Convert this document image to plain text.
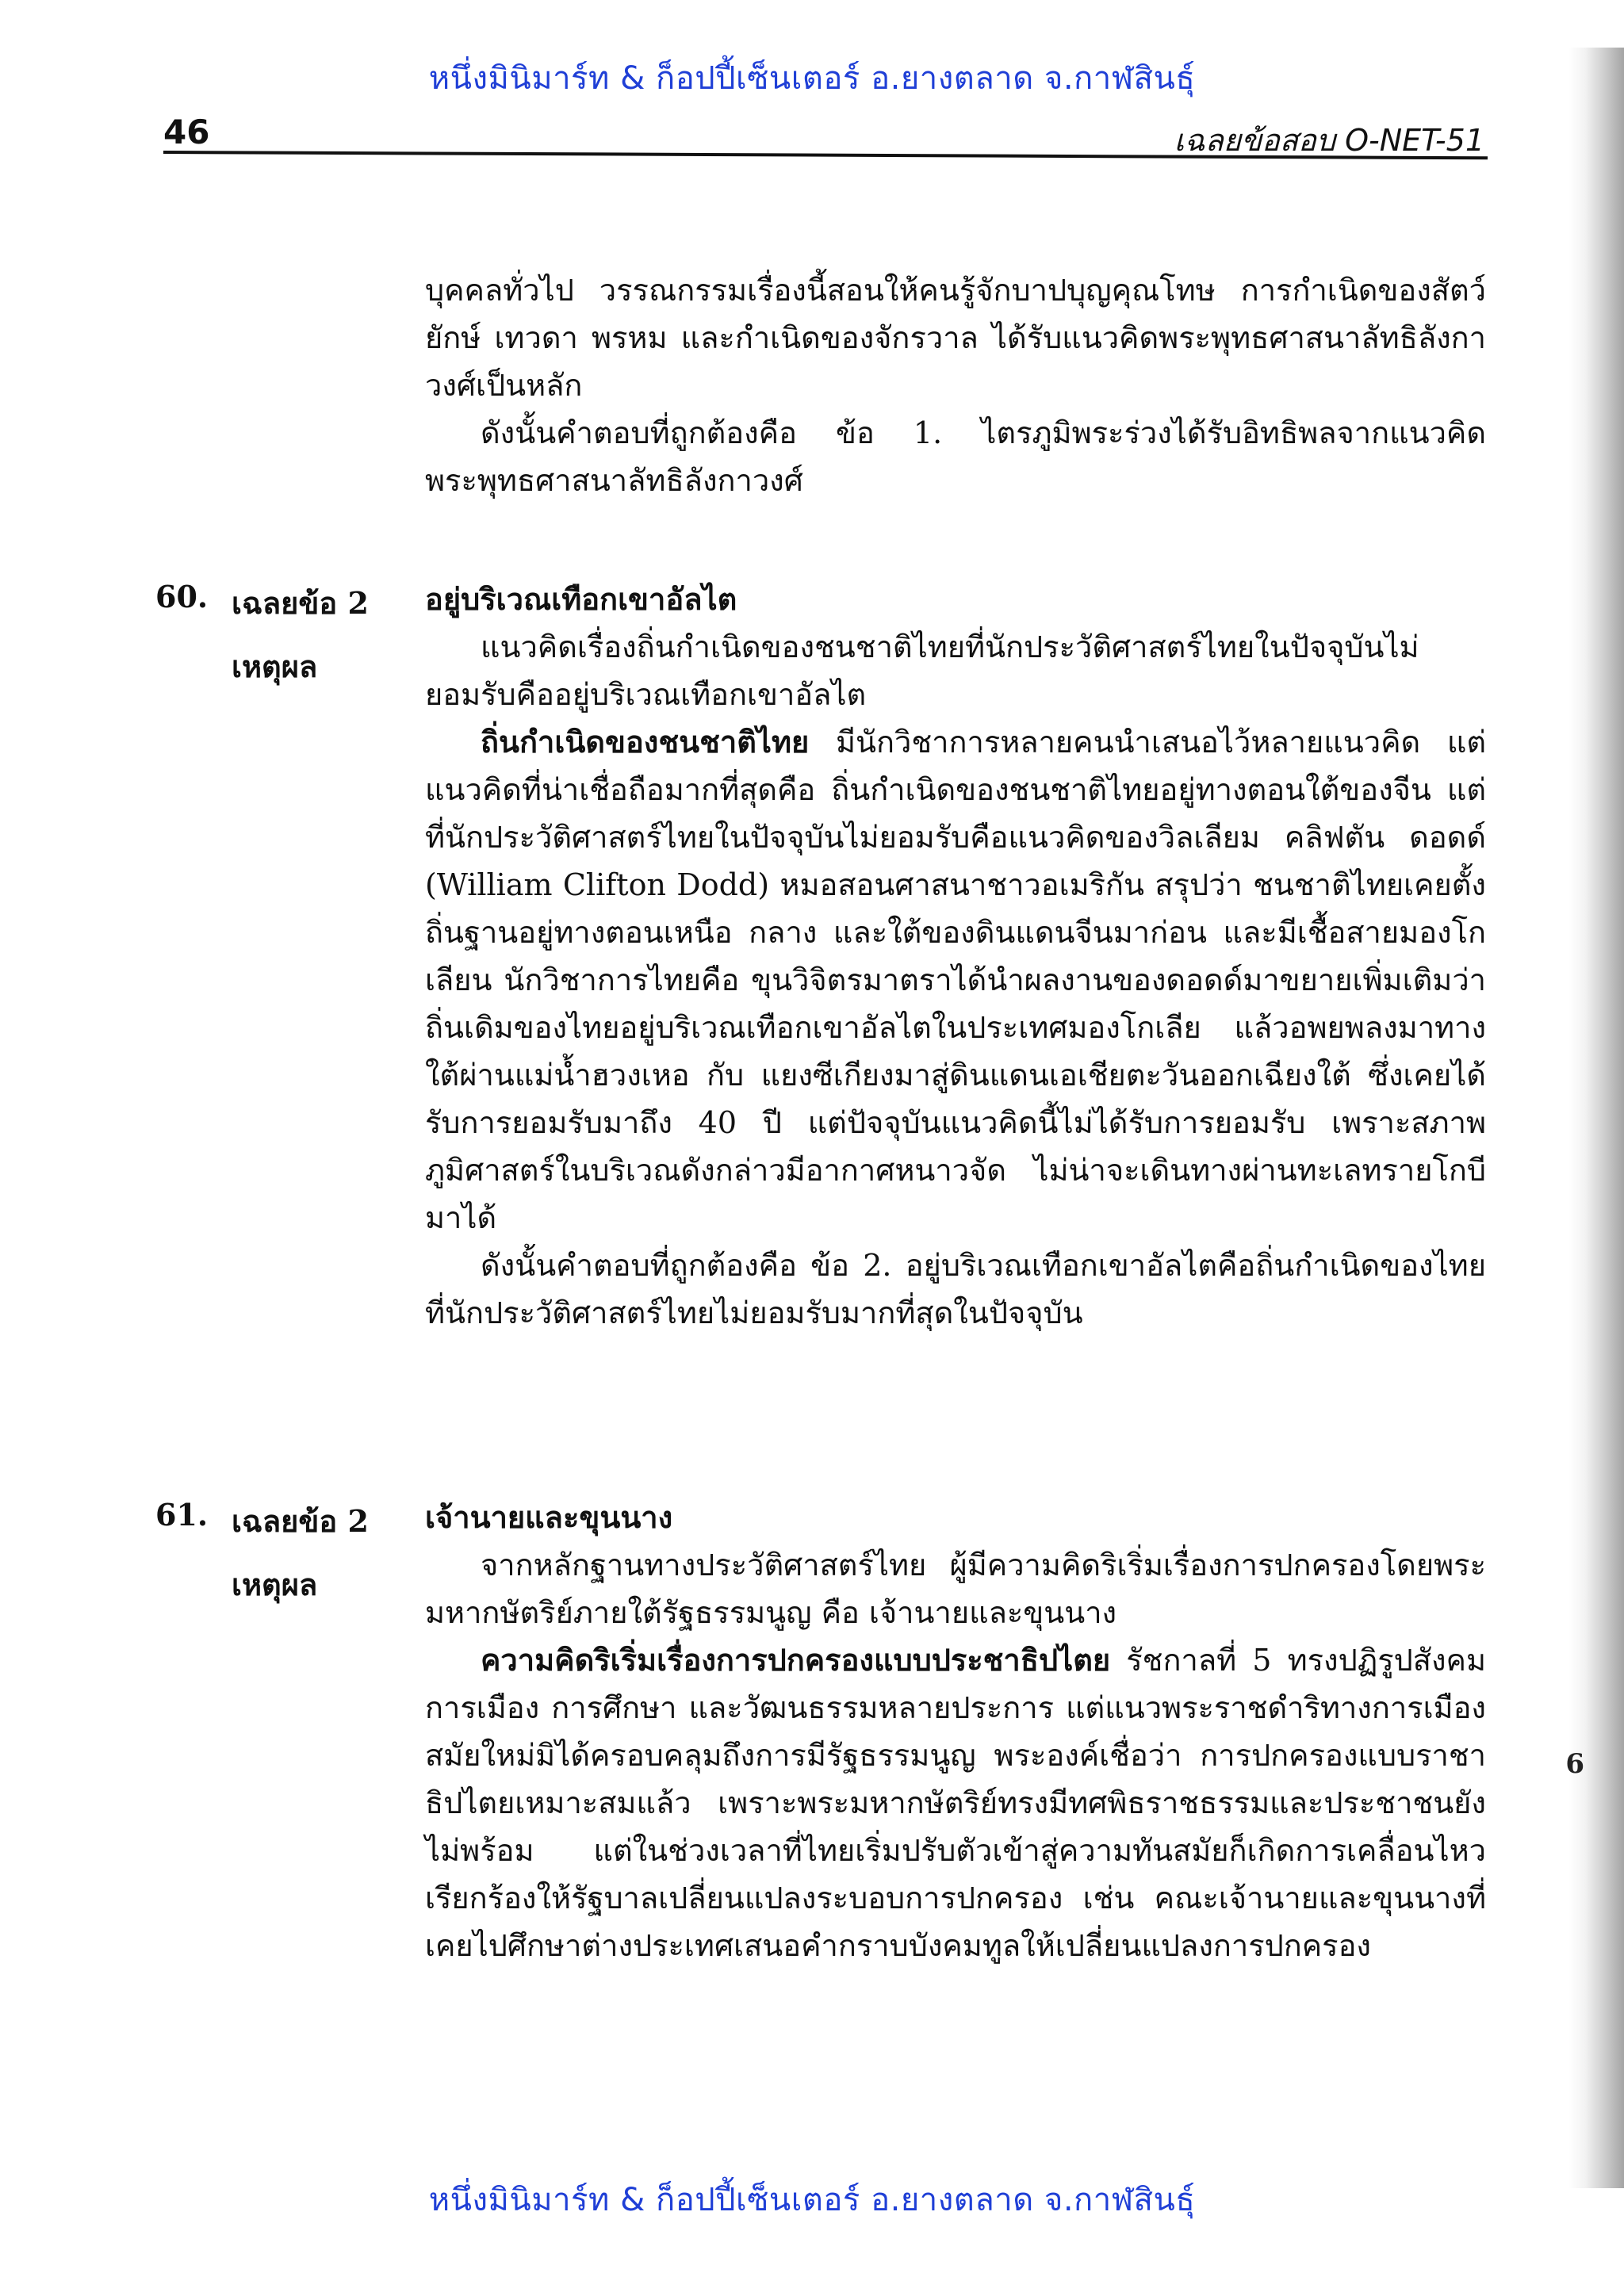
หนึ่งมินิมาร์ท & ก็อปปี้เซ็นเตอร์ อ.ยางตลาด จ.กาฬสินธุ์
46	เฉลยข้อสอบ O-NET-51
6

บุคคลทั่วไป วรรณกรรมเรื่องนี้สอนให้คนรู้จักบาปบุญคุณโทษ การกำเนิดของสัตว์ ยักษ์ เทวดา พรหม และกำเนิดของจักรวาล ได้รับแนวคิดพระพุทธศาสนาลัทธิลังกาวงศ์เป็นหลัก

ดังนั้นคำตอบที่ถูกต้องคือ ข้อ 1. ไตรภูมิพระร่วงได้รับอิทธิพลจากแนวคิดพระพุทธศาสนาลัทธิลังกาวงศ์

60. เฉลยข้อ 2
เหตุผล

อยู่บริเวณเทือกเขาอัลไต

แนวคิดเรื่องถิ่นกำเนิดของชนชาติไทยที่นักประวัติศาสตร์ไทยในปัจจุบันไม่ยอมรับคืออยู่บริเวณเทือกเขาอัลไต

ถิ่นกำเนิดของชนชาติไทย มีนักวิชาการหลายคนนำเสนอไว้หลายแนวคิด แต่แนวคิดที่น่าเชื่อถือมากที่สุดคือ ถิ่นกำเนิดของชนชาติไทยอยู่ทางตอนใต้ของจีน แต่ที่นักประวัติศาสตร์ไทยในปัจจุบันไม่ยอมรับคือแนวคิดของวิลเลียม คลิฟตัน ดอดด์ (William Clifton Dodd) หมอสอนศาสนาชาวอเมริกัน สรุปว่า ชนชาติไทยเคยตั้งถิ่นฐานอยู่ทางตอนเหนือ กลาง และใต้ของดินแดนจีนมาก่อน และมีเชื้อสายมองโกเลียน นักวิชาการไทยคือ ขุนวิจิตรมาตราได้นำผลงานของดอดด์มาขยายเพิ่มเติมว่าถิ่นเดิมของไทยอยู่บริเวณเทือกเขาอัลไตในประเทศมองโกเลีย แล้วอพยพลงมาทางใต้ผ่านแม่น้ำฮวงเหอ กับ แยงซีเกียงมาสู่ดินแดนเอเชียตะวันออกเฉียงใต้ ซึ่งเคยได้รับการยอมรับมาถึง 40 ปี แต่ปัจจุบันแนวคิดนี้ไม่ได้รับการยอมรับ เพราะสภาพภูมิศาสตร์ในบริเวณดังกล่าวมีอากาศหนาวจัด ไม่น่าจะเดินทางผ่านทะเลทรายโกบีมาได้

ดังนั้นคำตอบที่ถูกต้องคือ ข้อ 2. อยู่บริเวณเทือกเขาอัลไตคือถิ่นกำเนิดของไทยที่นักประวัติศาสตร์ไทยไม่ยอมรับมากที่สุดในปัจจุบัน

61. เฉลยข้อ 2
เหตุผล

เจ้านายและขุนนาง

จากหลักฐานทางประวัติศาสตร์ไทย ผู้มีความคิดริเริ่มเรื่องการปกครองโดยพระมหากษัตริย์ภายใต้รัฐธรรมนูญ คือ เจ้านายและขุนนาง

ความคิดริเริ่มเรื่องการปกครองแบบประชาธิปไตย รัชกาลที่ 5 ทรงปฏิรูปสังคม การเมือง การศึกษา และวัฒนธรรมหลายประการ แต่แนวพระราชดำริทางการเมืองสมัยใหม่มิได้ครอบคลุมถึงการมีรัฐธรรมนูญ พระองค์เชื่อว่า การปกครองแบบราชาธิปไตยเหมาะสมแล้ว เพราะพระมหากษัตริย์ทรงมีทศพิธราชธรรมและประชาชนยังไม่พร้อม แต่ในช่วงเวลาที่ไทยเริ่มปรับตัวเข้าสู่ความทันสมัยก็เกิดการเคลื่อนไหวเรียกร้องให้รัฐบาลเปลี่ยนแปลงระบอบการปกครอง เช่น คณะเจ้านายและขุนนางที่เคยไปศึกษาต่างประเทศเสนอคำกราบบังคมทูลให้เปลี่ยนแปลงการปกครอง

หนึ่งมินิมาร์ท & ก็อปปี้เซ็นเตอร์ อ.ยางตลาด จ.กาฬสินธุ์
